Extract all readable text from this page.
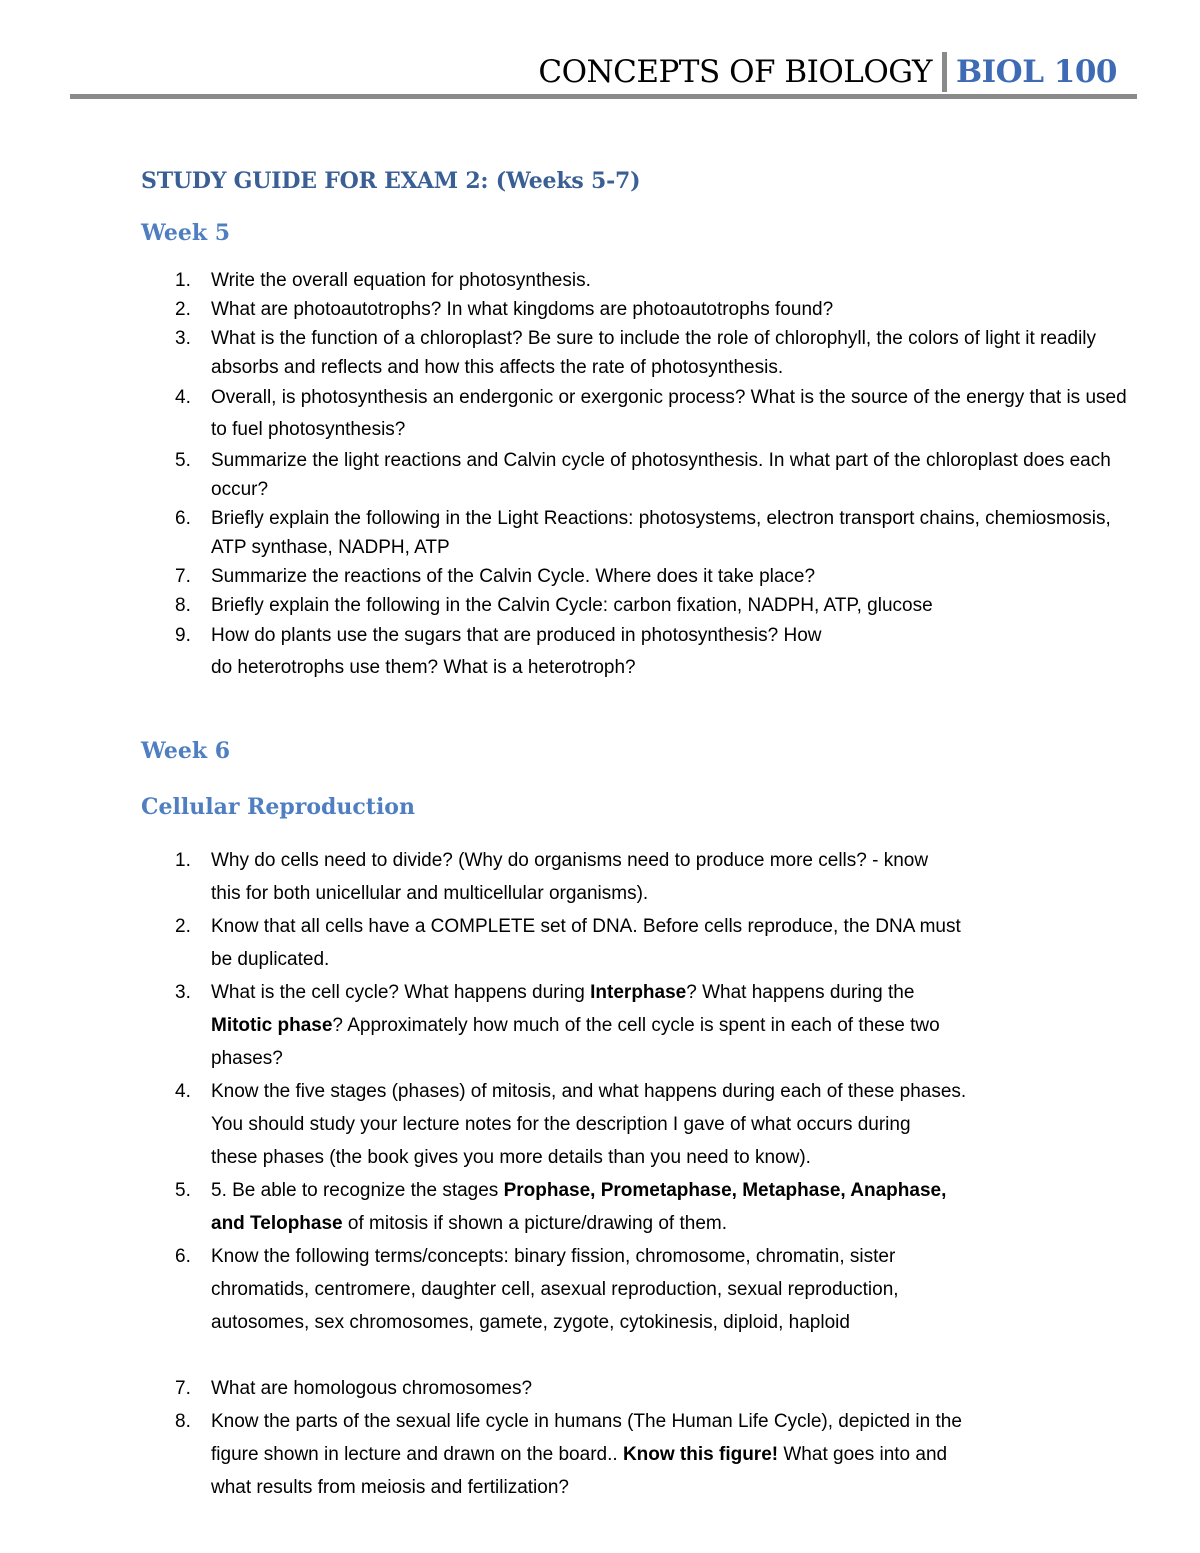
CONCEPTS OF BIOLOGY BIOL 100
STUDY GUIDE FOR EXAM 2: (Weeks 5-7)
Week 5
1. Write the overall equation for photosynthesis.
2. What are photoautotrophs? In what kingdoms are photoautotrophs found?
3. What is the function of a chloroplast? Be sure to include the role of chlorophyll, the colors of light it readily absorbs and reflects and how this affects the rate of photosynthesis.
4. Overall, is photosynthesis an endergonic or exergonic process? What is the source of the energy that is used to fuel photosynthesis?
5. Summarize the light reactions and Calvin cycle of photosynthesis. In what part of the chloroplast does each occur?
6. Briefly explain the following in the Light Reactions: photosystems, electron transport chains, chemiosmosis, ATP synthase, NADPH, ATP
7. Summarize the reactions of the Calvin Cycle. Where does it take place?
8. Briefly explain the following in the Calvin Cycle: carbon fixation, NADPH, ATP, glucose
9. How do plants use the sugars that are produced in photosynthesis? How
do heterotrophs use them? What is a heterotroph?
Week 6
Cellular Reproduction
1. Why do cells need to divide? (Why do organisms need to produce more cells? - know
this for both unicellular and multicellular organisms).
2. Know that all cells have a COMPLETE set of DNA. Before cells reproduce, the DNA must
be duplicated.
3. What is the cell cycle? What happens during Interphase? What happens during the
Mitotic phase? Approximately how much of the cell cycle is spent in each of these two
phases?
4. Know the five stages (phases) of mitosis, and what happens during each of these phases.
You should study your lecture notes for the description I gave of what occurs during
these phases (the book gives you more details than you need to know).
5. 5. Be able to recognize the stages Prophase, Prometaphase, Metaphase, Anaphase,
and Telophase of mitosis if shown a picture/drawing of them.
6. Know the following terms/concepts: binary fission, chromosome, chromatin, sister
chromatids, centromere, daughter cell, asexual reproduction, sexual reproduction,
autosomes, sex chromosomes, gamete, zygote, cytokinesis, diploid, haploid
7. What are homologous chromosomes?
8. Know the parts of the sexual life cycle in humans (The Human Life Cycle), depicted in the
figure shown in lecture and drawn on the board.. Know this figure! What goes into and
what results from meiosis and fertilization?
